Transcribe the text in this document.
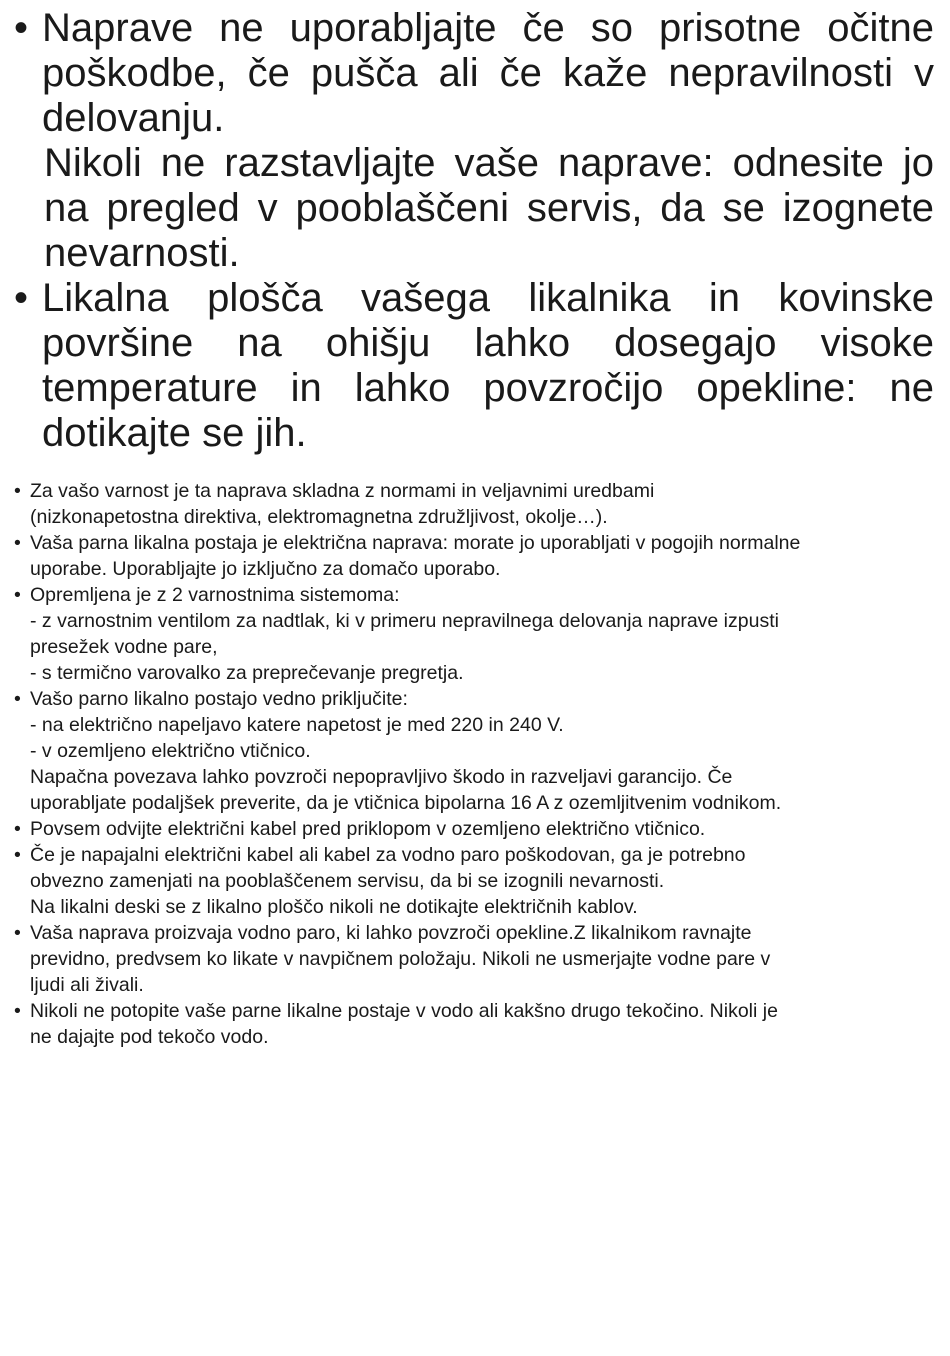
• Naprave ne uporabljajte če so prisotne očitne poškodbe, če pušča ali če kaže nepravilnosti v delovanju.

Nikoli ne razstavljajte vaše naprave: odnesite jo na pregled v pooblaščeni servis, da se izognete nevarnosti.

• Likalna plošča vašega likalnika in kovinske površine na ohišju lahko dosegajo visoke temperature in lahko povzročijo opekline: ne dotikajte se jih.

• Za vašo varnost je ta naprava skladna z normami in veljavnimi uredbami

(nizkonapetostna direktiva, elektromagnetna združljivost, okolje…).

• Vaša parna likalna postaja je električna naprava: morate jo uporabljati v pogojih normalne

uporabe. Uporabljajte jo izključno za domačo uporabo.

• Opremljena je z 2 varnostnima sistemoma:

- z varnostnim ventilom za nadtlak, ki v primeru nepravilnega delovanja naprave izpusti

presežek vodne pare,

- s termično varovalko za preprečevanje pregretja.

• Vašo parno likalno postajo vedno priključite:

- na električno napeljavo katere napetost je med 220 in 240 V.

- v ozemljeno električno vtičnico.

Napačna povezava lahko povzroči nepopravljivo škodo in razveljavi garancijo. Če

uporabljate podaljšek preverite, da je vtičnica bipolarna 16 A z ozemljitvenim vodnikom.

• Povsem odvijte električni kabel pred priklopom v ozemljeno električno vtičnico.

• Če je napajalni električni kabel ali kabel za vodno paro poškodovan, ga je potrebno

obvezno zamenjati na pooblaščenem servisu, da bi se izognili nevarnosti.

Na likalni deski se z likalno ploščo nikoli ne dotikajte električnih kablov.

• Vaša naprava proizvaja vodno paro, ki lahko povzroči opekline.Z likalnikom ravnajte

previdno, predvsem ko likate v navpičnem položaju. Nikoli ne usmerjajte vodne pare v

ljudi ali živali.

• Nikoli ne potopite vaše parne likalne postaje v vodo ali kakšno drugo tekočino. Nikoli je

ne dajajte pod tekočo vodo.
